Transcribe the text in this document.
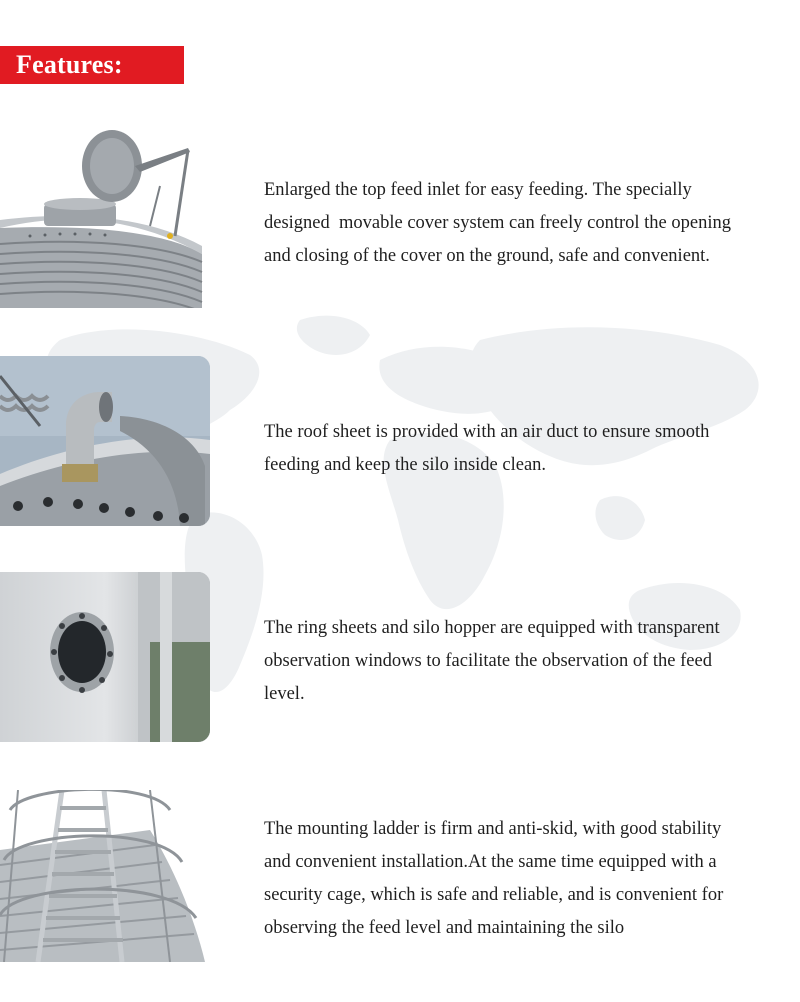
Features:

Enlarged the top feed inlet for easy feeding. The specially
designed  movable cover system can freely control the opening
and closing of the cover on the ground, safe and convenient.

The roof sheet is provided with an air duct to ensure smooth
feeding and keep the silo inside clean.

The ring sheets and silo hopper are equipped with transparent
observation windows to facilitate the observation of the feed
level.

The mounting ladder is firm and anti-skid, with good stability
and convenient installation.At the same time equipped with a
security cage, which is safe and reliable, and is convenient for
observing the feed level and maintaining the silo
